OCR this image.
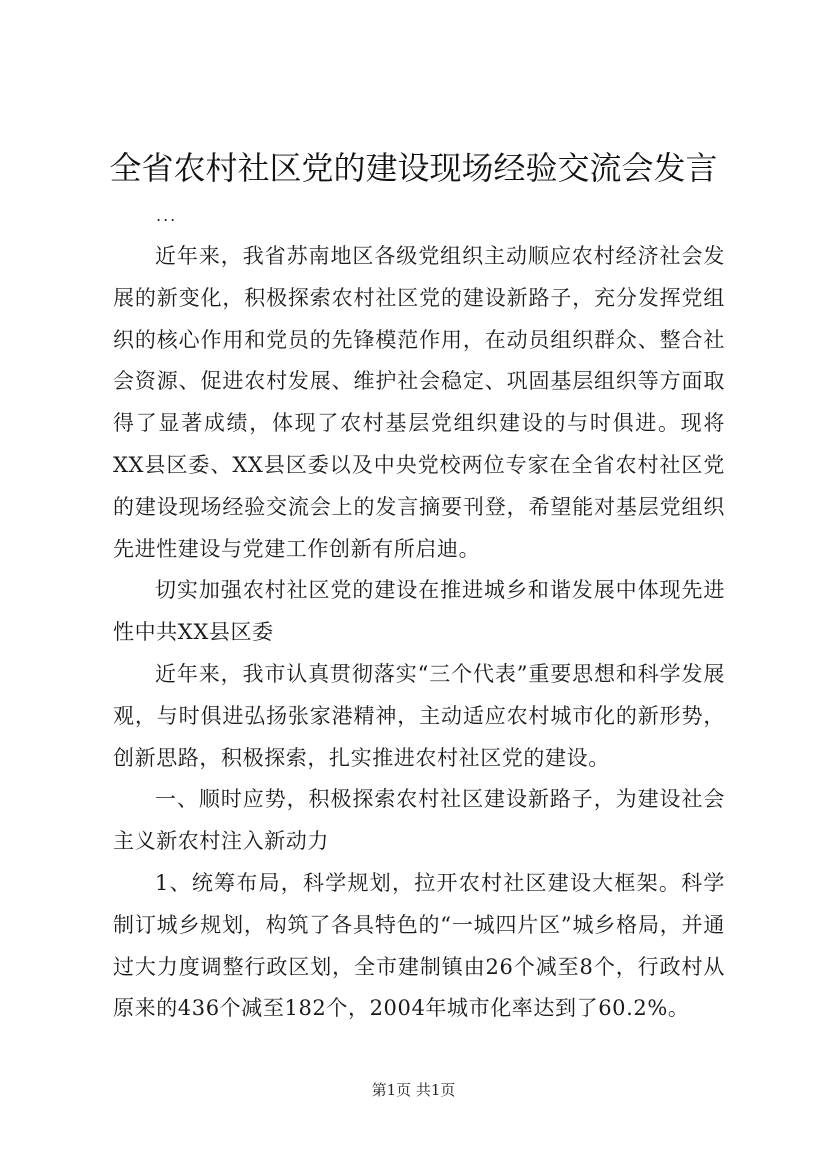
全省农村社区党的建设现场经验交流会发言
...

近年来，我省苏南地区各级党组织主动顺应农村经济社会发展的新变化，积极探索农村社区党的建设新路子，充分发挥党组织的核心作用和党员的先锋模范作用，在动员组织群众、整合社会资源、促进农村发展、维护社会稳定、巩固基层组织等方面取得了显著成绩，体现了农村基层党组织建设的与时俱进。现将XX县区委、XX县区委以及中央党校两位专家在全省农村社区党的建设现场经验交流会上的发言摘要刊登，希望能对基层党组织先进性建设与党建工作创新有所启迪。

切实加强农村社区党的建设在推进城乡和谐发展中体现先进性中共XX县区委

近年来，我市认真贯彻落实“三个代表”重要思想和科学发展观，与时俱进弘扬张家港精神，主动适应农村城市化的新形势，创新思路，积极探索，扎实推进农村社区党的建设。

一、顺时应势，积极探索农村社区建设新路子，为建设社会主义新农村注入新动力

1、统筹布局，科学规划，拉开农村社区建设大框架。科学制订城乡规划，构筑了各具特色的“一城四片区”城乡格局，并通过大力度调整行政区划，全市建制镇由26个减至8个，行政村从原来的436个减至182个，2004年城市化率达到了60.2%。

第1页 共1页
